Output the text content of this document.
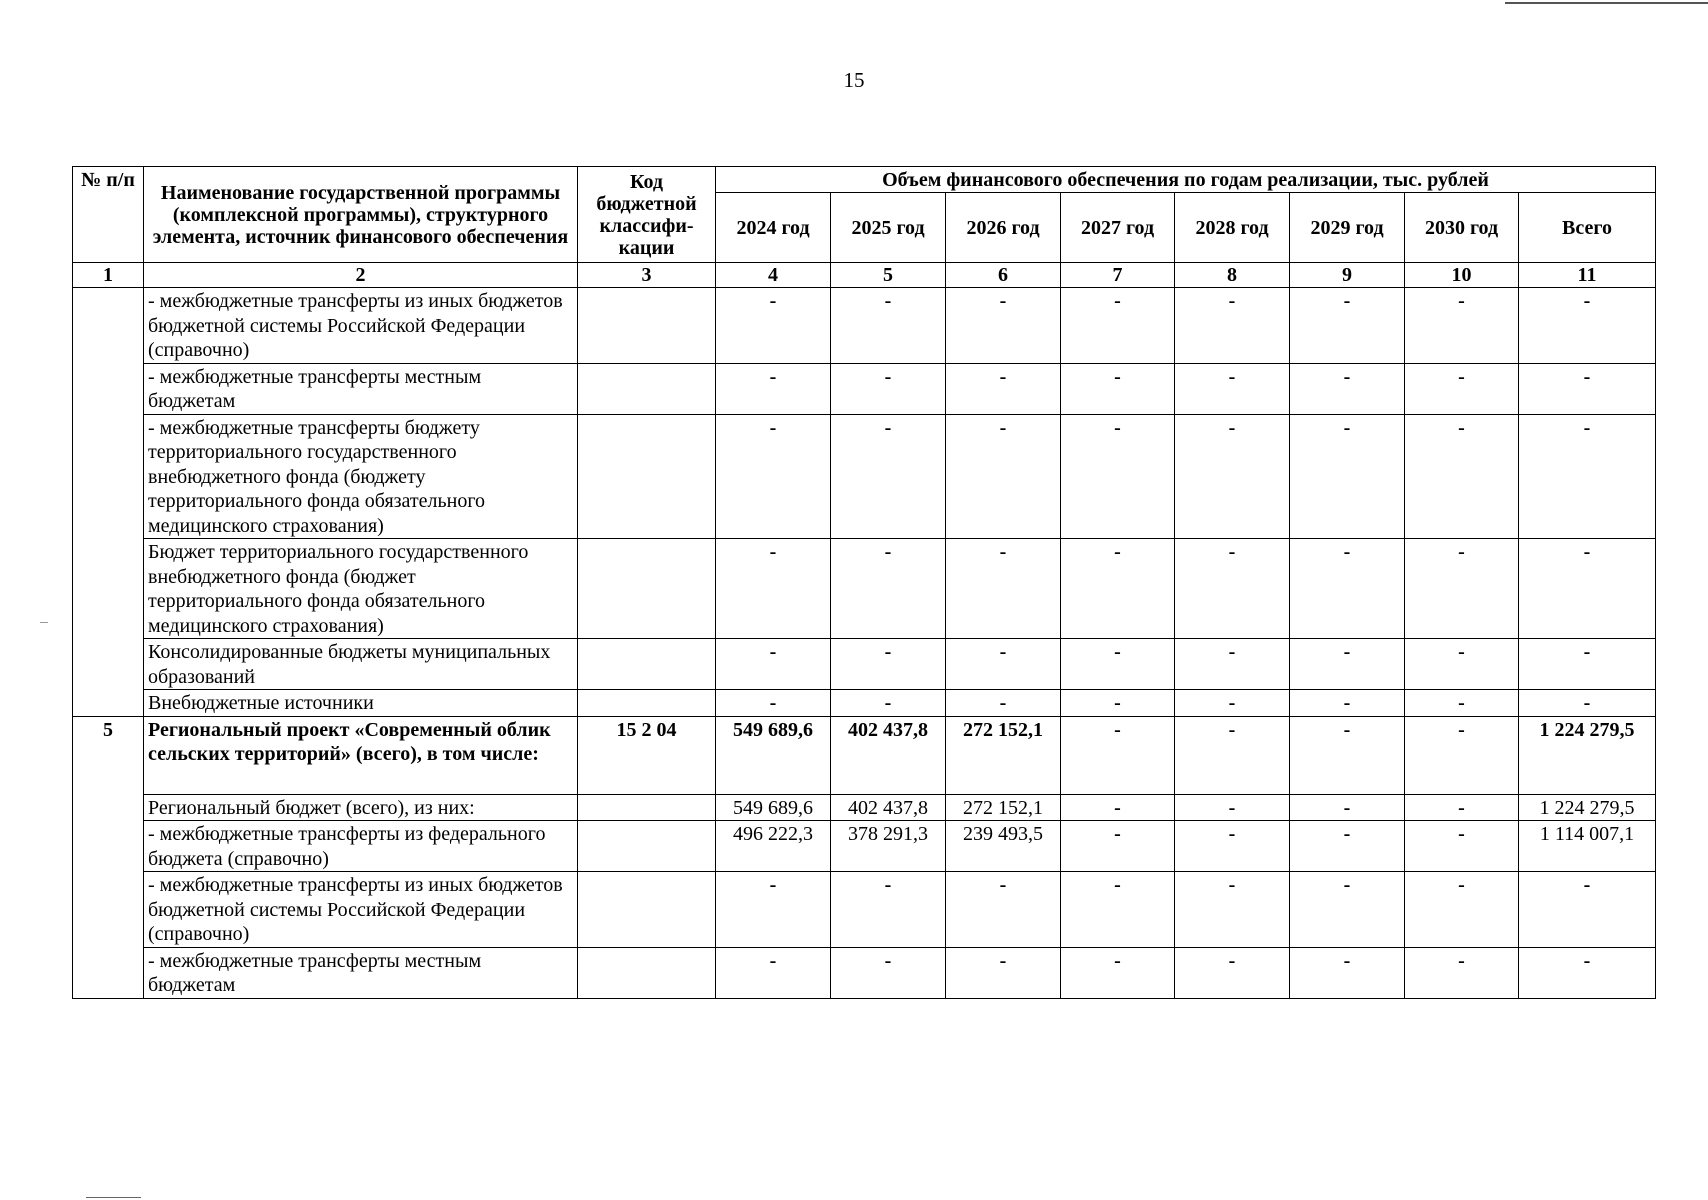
15
№ п/п	Наименование государственной программы (комплексной программы), структурного элемента, источник финансового обеспечения	Код бюджетной классифи-кации	Объем финансового обеспечения по годам реализации, тыс. рублей							
			2024 год	2025 год	2026 год	2027 год	2028 год	2029 год	2030 год	Всего
1	2	3	4	5	6	7	8	9	10	11
	- межбюджетные трансферты из иных бюджетов бюджетной системы Российской Федерации (справочно)		-	-	-	-	-	-	-	-
	- межбюджетные трансферты местным бюджетам		-	-	-	-	-	-	-	-
	- межбюджетные трансферты бюджету территориального государственного внебюджетного фонда (бюджету территориального фонда обязательного медицинского страхования)		-	-	-	-	-	-	-	-
	Бюджет территориального государственного внебюджетного фонда (бюджет территориального фонда обязательного медицинского страхования)		-	-	-	-	-	-	-	-
	Консолидированные бюджеты муниципальных образований		-	-	-	-	-	-	-	-
	Внебюджетные источники		-	-	-	-	-	-	-	-
5	Региональный проект «Современный облик сельских территорий» (всего), в том числе:	15 2 04	549 689,6	402 437,8	272 152,1	-	-	-	-	1 224 279,5
	Региональный бюджет (всего), из них:		549 689,6	402 437,8	272 152,1	-	-	-	-	1 224 279,5
	- межбюджетные трансферты из федерального бюджета (справочно)		496 222,3	378 291,3	239 493,5	-	-	-	-	1 114 007,1
	- межбюджетные трансферты из иных бюджетов бюджетной системы Российской Федерации (справочно)		-	-	-	-	-	-	-	-
	- межбюджетные трансферты местным бюджетам		-	-	-	-	-	-	-	-
